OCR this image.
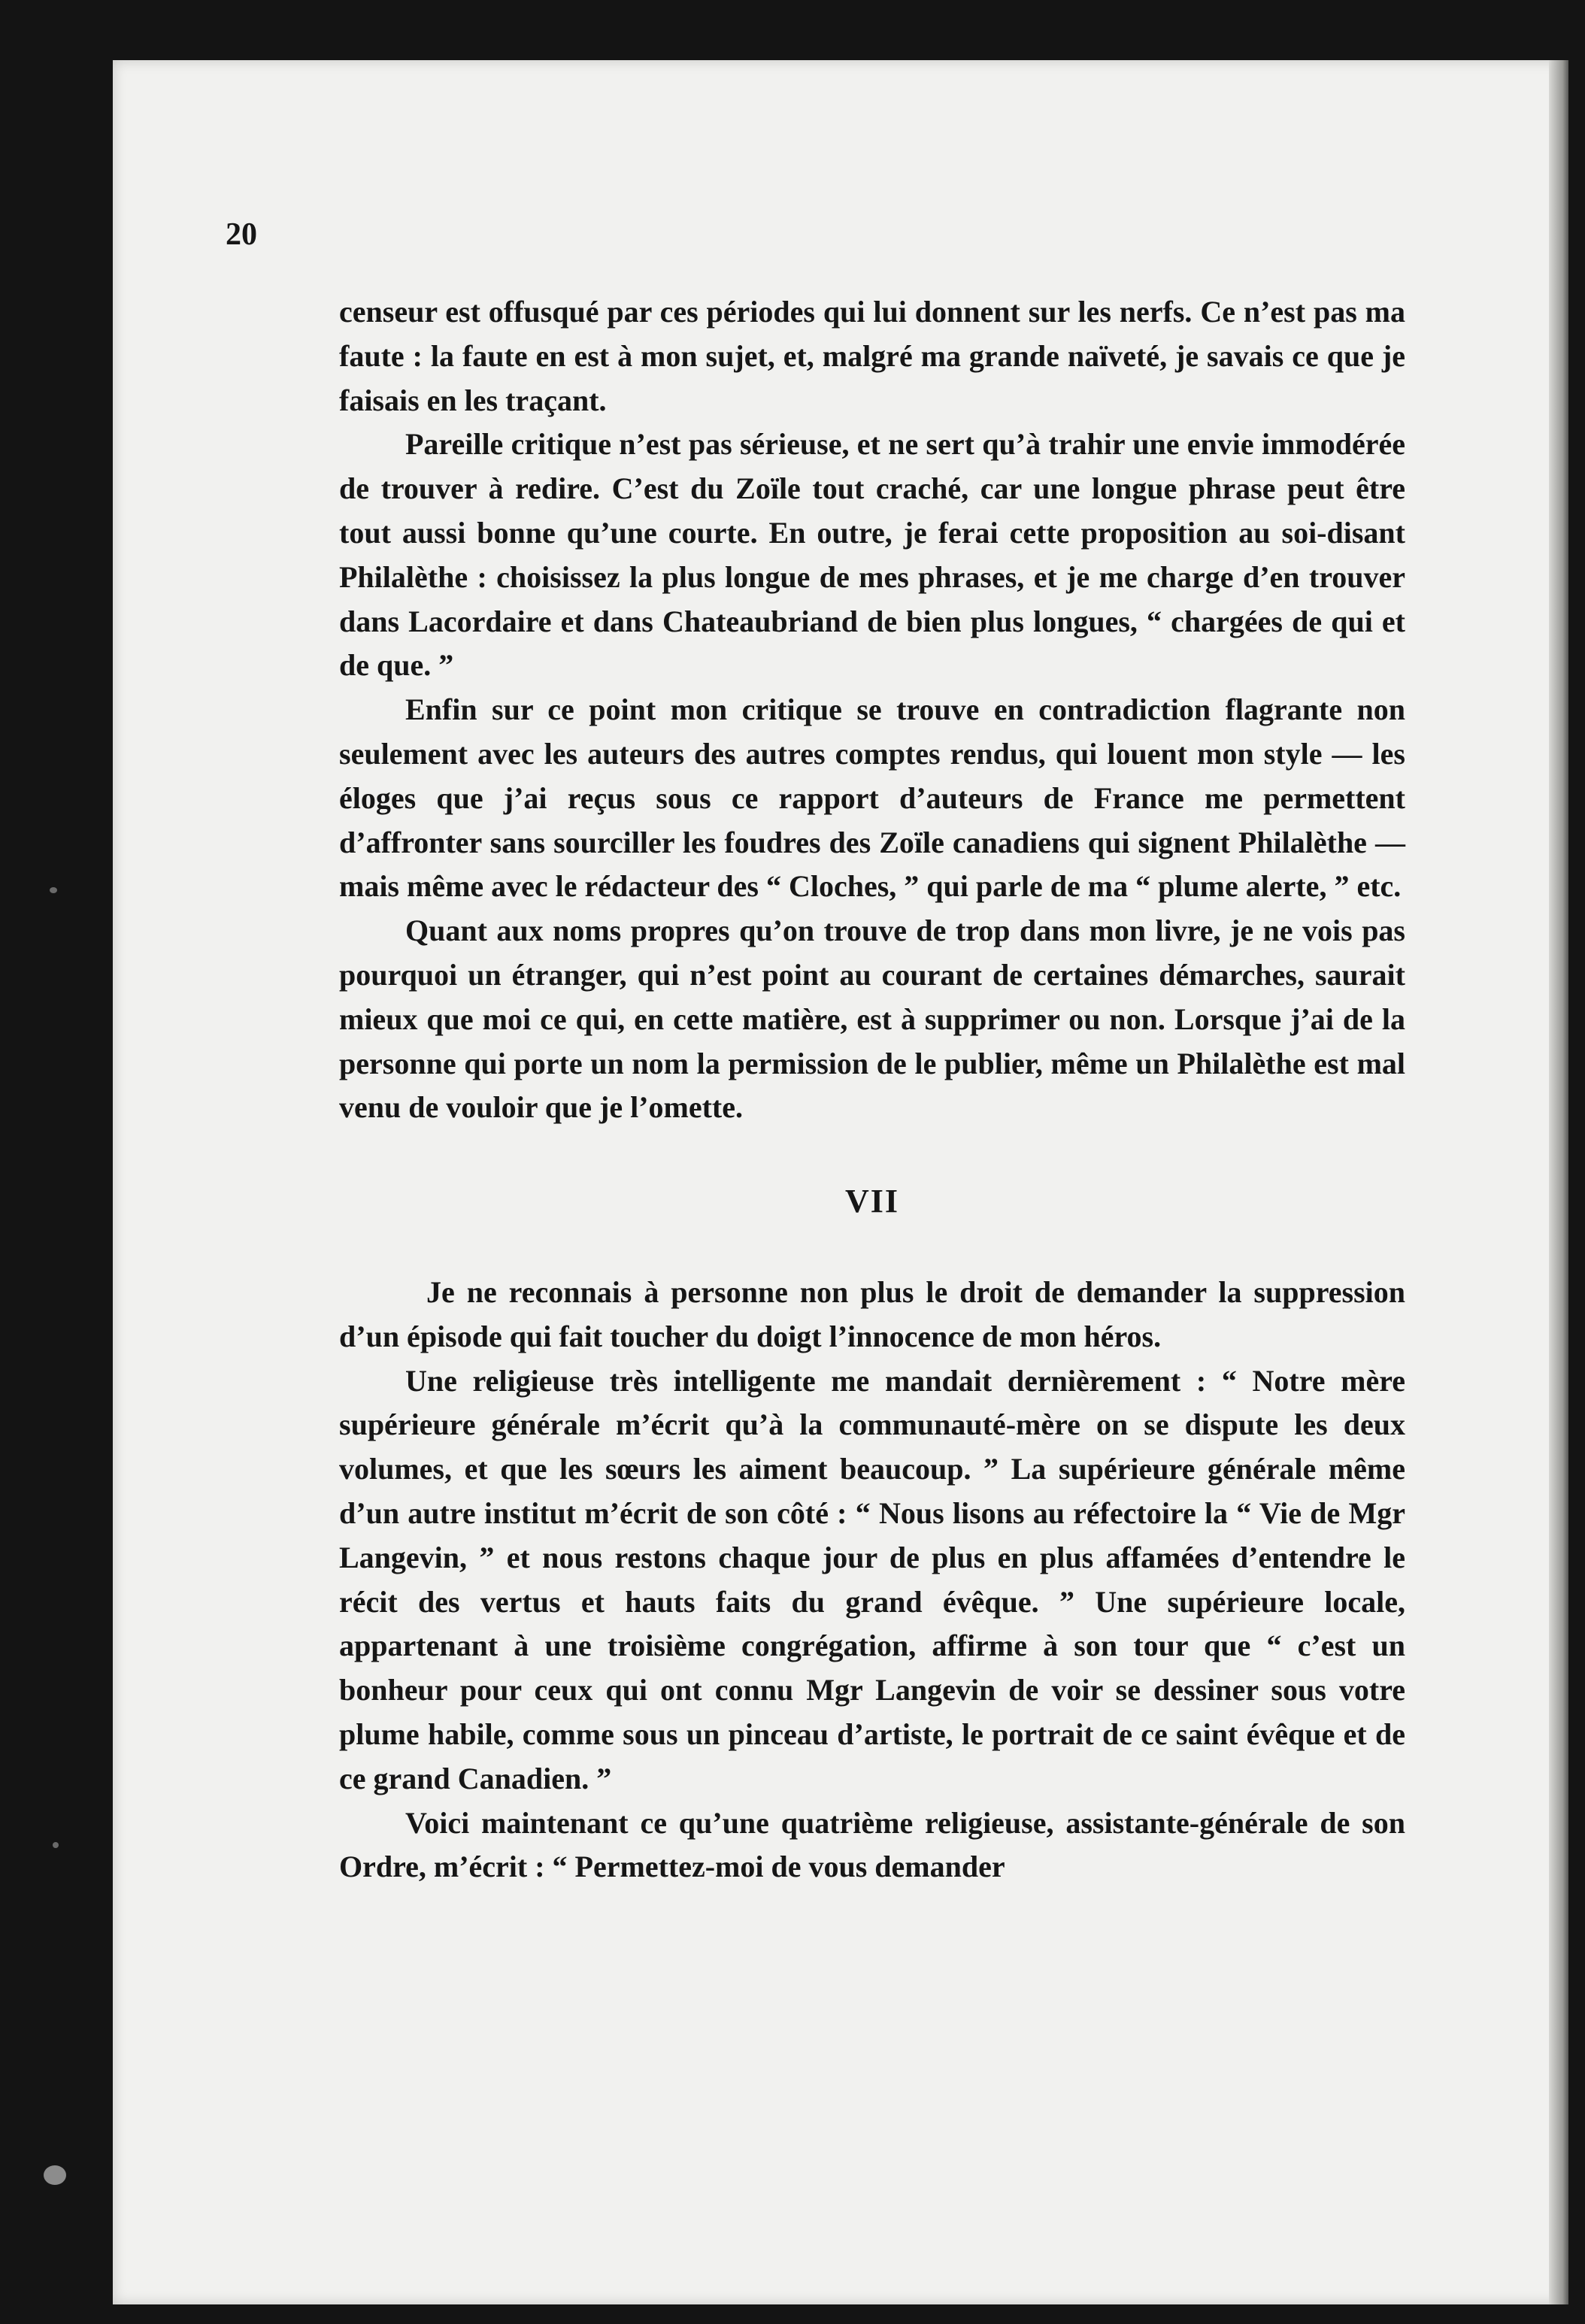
20

censeur est offusqué par ces périodes qui lui donnent sur les nerfs. Ce n’est pas ma faute : la faute en est à mon sujet, et, malgré ma grande naïveté, je savais ce que je faisais en les traçant.

Pareille critique n’est pas sérieuse, et ne sert qu’à trahir une envie immodérée de trouver à redire. C’est du Zoïle tout craché, car une longue phrase peut être tout aussi bonne qu’une courte. En outre, je ferai cette proposition au soi-disant Philalèthe : choisissez la plus longue de mes phrases, et je me charge d’en trouver dans Lacordaire et dans Chateaubriand de bien plus longues, “ chargées de qui et de que. ”

Enfin sur ce point mon critique se trouve en contradiction flagrante non seulement avec les auteurs des autres comptes rendus, qui louent mon style — les éloges que j’ai reçus sous ce rapport d’auteurs de France me permettent d’affronter sans sourciller les foudres des Zoïle canadiens qui signent Philalèthe — mais même avec le rédacteur des “ Cloches, ” qui parle de ma “ plume alerte, ” etc.

Quant aux noms propres qu’on trouve de trop dans mon livre, je ne vois pas pourquoi un étranger, qui n’est point au courant de certaines démarches, saurait mieux que moi ce qui, en cette matière, est à supprimer ou non. Lorsque j’ai de la personne qui porte un nom la permission de le publier, même un Philalèthe est mal venu de vouloir que je l’omette.

VII

Je ne reconnais à personne non plus le droit de demander la suppression d’un épisode qui fait toucher du doigt l’innocence de mon héros.

Une religieuse très intelligente me mandait dernièrement : “ Notre mère supérieure générale m’écrit qu’à la communauté-mère on se dispute les deux volumes, et que les sœurs les aiment beaucoup. ” La supérieure générale même d’un autre institut m’écrit de son côté : “ Nous lisons au réfectoire la “ Vie de Mgr Langevin, ” et nous restons chaque jour de plus en plus affamées d’entendre le récit des vertus et hauts faits du grand évêque. ” Une supérieure locale, appartenant à une troisième congrégation, affirme à son tour que “ c’est un bonheur pour ceux qui ont connu Mgr Langevin de voir se dessiner sous votre plume habile, comme sous un pinceau d’artiste, le portrait de ce saint évêque et de ce grand Canadien. ”

Voici maintenant ce qu’une quatrième religieuse, assistante-générale de son Ordre, m’écrit : “ Permettez-moi de vous demander
